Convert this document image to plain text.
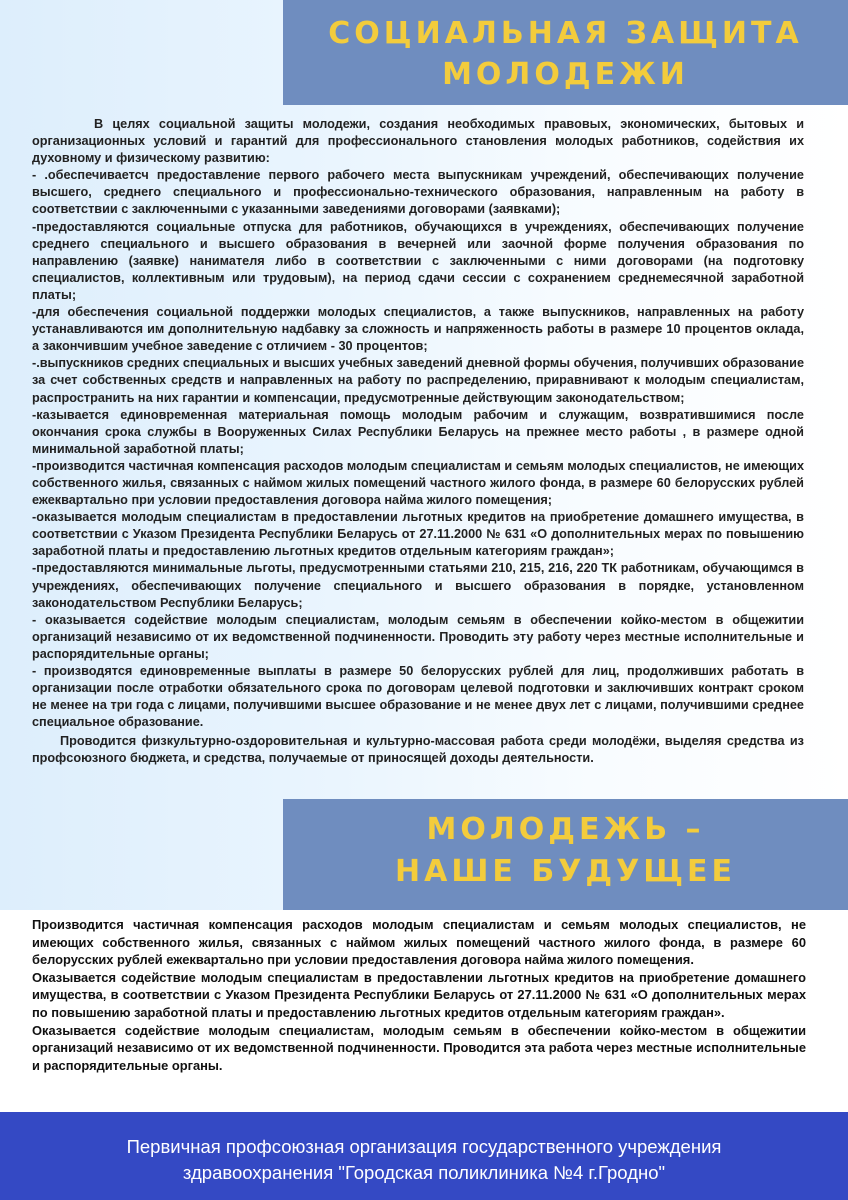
СОЦИАЛЬНАЯ ЗАЩИТА
МОЛОДЕЖИ

В целях социальной защиты молодежи, создания необходимых правовых, экономических, бытовых и организационных условий и гарантий для профессионального становления молодых работников, содействия их духовному и физическому развитию:

- .обеспечиваетсч предоставление первого рабочего места выпускникам учреждений, обеспечивающих получение высшего, среднего специального и профессионально-технического образования, направленным на работу в соответствии с заключенными с указанными заведениями договорами (заявками);

-предоставляются социальные отпуска для работников, обучающихся в учреждениях, обеспечивающих получение среднего специального и высшего образования в вечерней или заочной форме получения образования по направлению (заявке) нанимателя либо в соответствии с заключенными с ними договорами (на подготовку специалистов, коллективным или трудовым), на период сдачи сессии с сохранением среднемесячной заработной платы;

-для обеспечения социальной поддержки молодых специалистов, а также выпускников, направленных на работу устанавливаются им дополнительную надбавку за сложность и напряженность работы в размере 10 процентов оклада, а закончившим учебное заведение с отличием - 30 процентов;

-.выпускников средних специальных и высших учебных заведений дневной формы обучения, получивших образование за счет собственных средств и направленных на работу по распределению, приравнивают к молодым специалистам, распространить на них гарантии и компенсации, предусмотренные действующим законодательством;

-казывается единовременная материальная помощь молодым рабочим и служащим, возвратившимися после окончания срока службы в Вооруженных Силах Республики Беларусь на прежнее место работы , в размере одной минимальной заработной платы;

-производится частичная компенсация расходов молодым специалистам и семьям молодых специалистов, не имеющих собственного жилья, связанных с наймом жилых помещений частного жилого фонда, в размере 60 белорусских рублей ежеквартально при условии предоставления договора найма жилого помещения;

-оказывается молодым специалистам в предоставлении льготных кредитов на приобретение домашнего имущества, в соответствии с Указом Президента Республики Беларусь от 27.11.2000 № 631 «О дополнительных мерах по повышению заработной платы и предоставлению льготных кредитов отдельным категориям граждан»;

-предоставляются минимальные льготы, предусмотренными статьями 210, 215, 216, 220 ТК работникам, обучающимся в учреждениях, обеспечивающих получение специального и высшего образования в порядке, установленном законодательством Республики Беларусь;

- оказывается содействие молодым специалистам, молодым семьям в обеспечении койко-местом в общежитии организаций независимо от их ведомственной подчиненности. Проводить эту работу через местные исполнительные и распорядительные органы;

- производятся единовременные выплаты в размере 50 белорусских рублей для лиц, продолживших работать в организации после отработки обязательного срока по договорам целевой подготовки и заключивших контракт сроком не менее на три года с лицами, получившими высшее образование и не менее двух лет с лицами, получившими среднее специальное образование.

Проводится физкультурно-оздоровительная и культурно-массовая работа среди молодёжи, выделяя средства из профсоюзного бюджета, и средства, получаемые от приносящей доходы деятельности.

МОЛОДЕЖЬ –
НАШЕ БУДУЩЕЕ

Производится частичная компенсация расходов молодым специалистам и семьям молодых специалистов, не имеющих собственного жилья, связанных с наймом жилых помещений частного жилого фонда, в размере 60 белорусских рублей ежеквартально при условии предоставления договора найма жилого помещения.

Оказывается содействие молодым специалистам в предоставлении льготных кредитов на приобретение домашнего имущества, в соответствии с Указом Президента Республики Беларусь от 27.11.2000 № 631 «О дополнительных мерах по повышению заработной платы и предоставлению льготных кредитов отдельным категориям граждан».

Оказывается содействие молодым специалистам, молодым семьям в обеспечении койко-местом в общежитии организаций независимо от их ведомственной подчиненности. Проводится эта работа через местные исполнительные и распорядительные органы.

Первичная профсоюзная организация государственного учреждения
здравоохранения "Городская поликлиника №4 г.Гродно"
